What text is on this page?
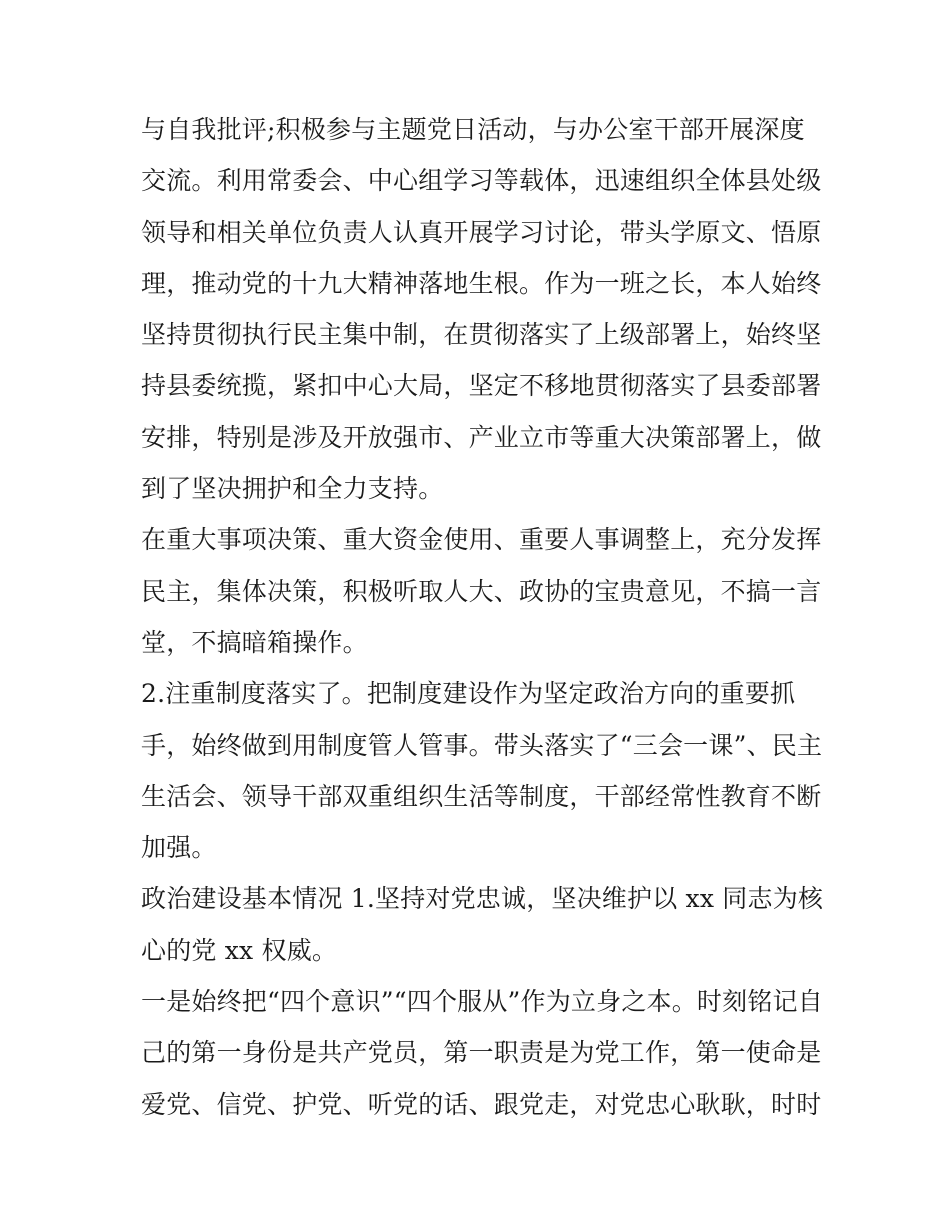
与自我批评;积极参与主题党日活动，与办公室干部开展深度
交流。利用常委会、中心组学习等载体，迅速组织全体县处级
领导和相关单位负责人认真开展学习讨论，带头学原文、悟原
理，推动党的十九大精神落地生根。作为一班之长，本人始终
坚持贯彻执行民主集中制，在贯彻落实了上级部署上，始终坚
持县委统揽，紧扣中心大局，坚定不移地贯彻落实了县委部署
安排，特别是涉及开放强市、产业立市等重大决策部署上，做
到了坚决拥护和全力支持。
在重大事项决策、重大资金使用、重要人事调整上，充分发挥
民主，集体决策，积极听取人大、政协的宝贵意见，不搞一言
堂，不搞暗箱操作。
2.注重制度落实了。把制度建设作为坚定政治方向的重要抓
手，始终做到用制度管人管事。带头落实了“三会一课”、民主
生活会、领导干部双重组织生活等制度，干部经常性教育不断
加强。
政治建设基本情况 1.坚持对党忠诚，坚决维护以 xx 同志为核
心的党 xx 权威。
一是始终把“四个意识”“四个服从”作为立身之本。时刻铭记自
己的第一身份是共产党员，第一职责是为党工作，第一使命是
爱党、信党、护党、听党的话、跟党走，对党忠心耿耿，时时
